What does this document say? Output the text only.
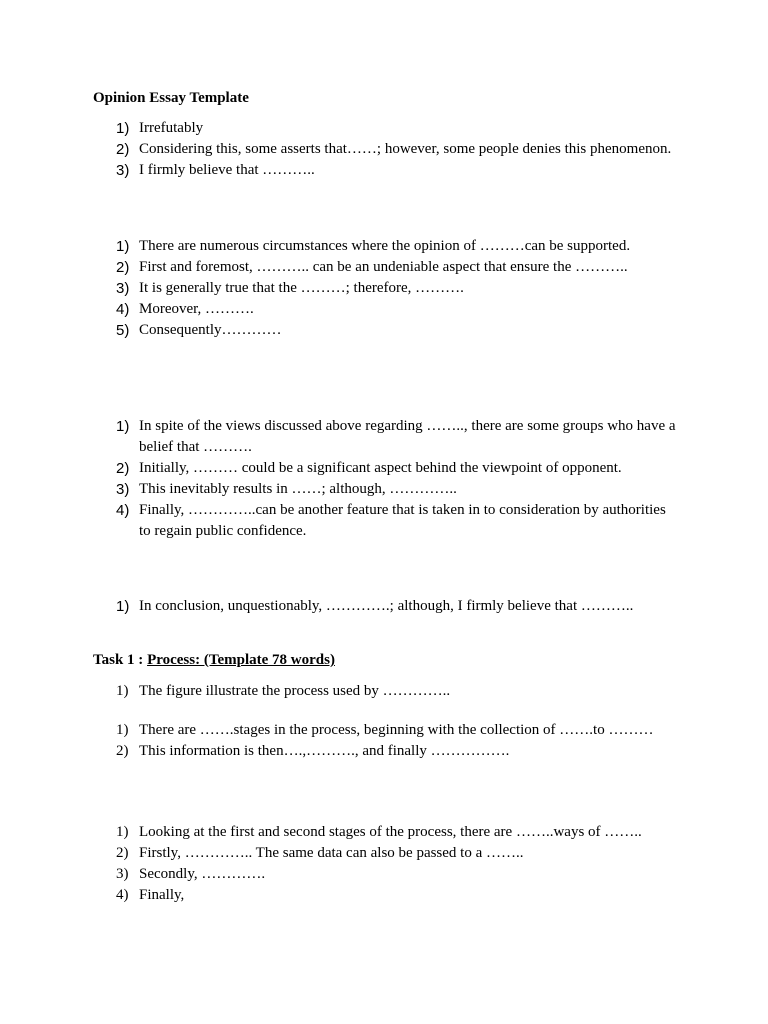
Opinion Essay Template
1) Irrefutably
2) Considering this, some asserts that……; however, some people denies this phenomenon.
3) I firmly believe that ………..
1) There are numerous circumstances where the opinion of ………can be supported.
2) First and foremost, ……….. can be an undeniable aspect that ensure the ………..
3) It is generally true that the ………; therefore, ……….
4) Moreover, ……….
5) Consequently…………
1) In spite of the views discussed above regarding …….., there are some groups who have a belief that ……….
2) Initially, ……… could be a significant aspect behind the viewpoint of opponent.
3) This inevitably results in ……; although, …………..
4) Finally, …………..can be another feature that is taken in to consideration by authorities to regain public confidence.
1) In conclusion, unquestionably, ………….; although, I firmly believe that ………..
Task 1 : Process: (Template 78 words)
1) The figure illustrate the process used by …………..
1) There are …….stages in the process, beginning with the collection of …….to ………
2) This information is then….,………., and finally …………….
1) Looking at the first and second stages of the process, there are ……..ways of ……..
2) Firstly, ………….. The same data can also be passed to a ……..
3) Secondly, ………….
4) Finally,
